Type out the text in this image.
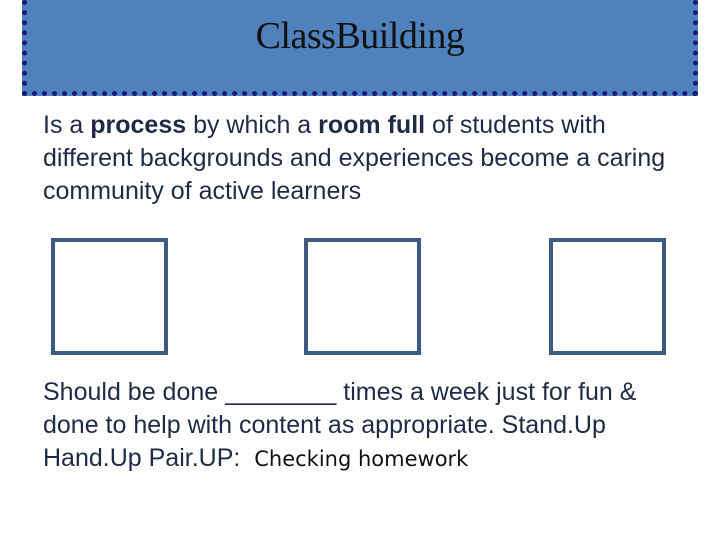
ClassBuilding
Is a process by which a room full of students with different backgrounds and experiences become a caring community of active learners
Should be done ________ times a week just for fun & done to help with content as appropriate. Stand.Up Hand.Up Pair.UP: Checking homework
